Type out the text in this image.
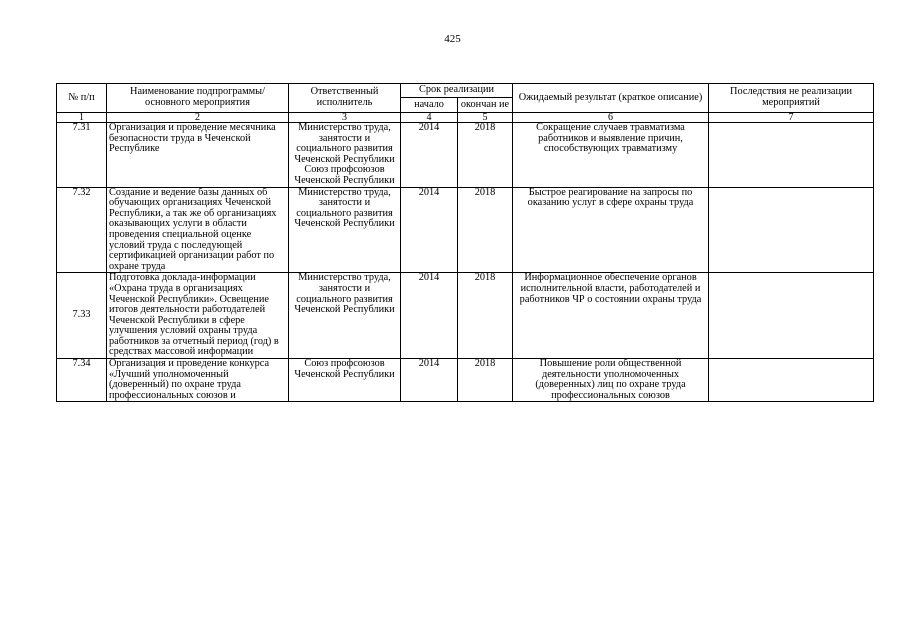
425
№ п/п	Наименование подпрограммы/ основного мероприятия	Ответственный исполнитель	Срок реализации		Ожидаемый результат (краткое описание)	Последствия не реализации мероприятий
			начало	окончан ие		
1	2	3	4	5	6	7
7.31	Организация и проведение месячника безопасности труда в Чеченской Республике	Министерство труда, занятости и социального развития Чеченской Республики Союз профсоюзов Чеченской Республики	2014	2018	Сокращение случаев травматизма работников и выявление причин, способствующих травматизму	
7.32	Создание и ведение базы данных об обучающих организациях Чеченской Республики, а так же об организациях оказывающих услуги в области проведения специальной оценке условий труда с последующей сертификацией организации работ по охране труда	Министерство труда, занятости и социального развития Чеченской Республики	2014	2018	Быстрое реагирование на запросы по оказанию услуг в сфере охраны труда	
7.33	Подготовка доклада-информации «Охрана труда в организациях Чеченской Республики». Освещение итогов деятельности работодателей Чеченской Республики в сфере улучшения условий охраны труда работников за отчетный период (год) в средствах массовой информации	Министерство труда, занятости и социального развития Чеченской Республики	2014	2018	Информационное обеспечение органов исполнительной власти, работодателей и работников ЧР о состоянии охраны труда	
7.34	Организация и проведение конкурса «Лучший уполномоченный (доверенный) по охране труда профессиональных союзов и	Союз профсоюзов Чеченской Республики	2014	2018	Повышение роли общественной деятельности уполномоченных (доверенных) лиц по охране труда профессиональных союзов	
